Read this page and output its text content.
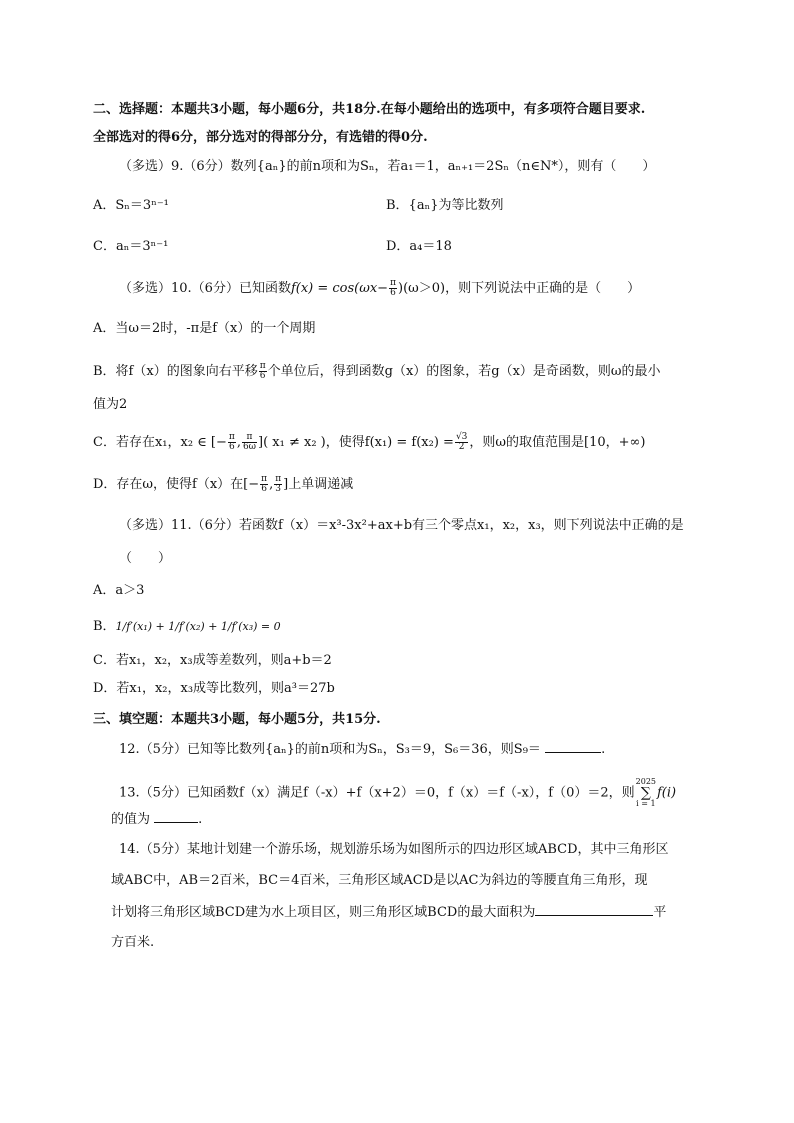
二、选择题：本题共3小题，每小题6分，共18分.在每小题给出的选项中，有多项符合题目要求.
全部选对的得6分，部分选对的得部分分，有选错的得0分.
（多选）9.（6分）数列{aₙ}的前n项和为Sₙ，若a₁＝1，aₙ₊₁＝2Sₙ（n∈N*），则有（　　）
A．Sₙ＝3ⁿ⁻¹	B．{aₙ}为等比数列
C．aₙ＝3ⁿ⁻¹	D．a₄＝18
（多选）10.（6分）已知函数$f(x) = \cos(\omega x- \frac{\pi}{6} )(\omega>0)$，则下列说法中正确的是（　　）
A．当ω＝2时，-π是f（x）的一个周期
B．将f（x）的图象向右平移 $\frac{\pi}{6}$ 个单位后，得到函数g（x）的图象，若g（x）是奇函数，则ω的最小
值为2
C．若存在x₁，x₂ ∈ [− $\frac{\pi}{6}$ , $\frac{\pi}{6\omega}$ ]( x₁ ≠ x₂ )，使得$f(x_1) = f(x_2) = \frac{√3}{2}$ ，则ω的取值范围是[10，+∞)
D．存在ω，使得f（x）在[− $\frac{\pi}{6}$ , $\frac{\pi}{3}$ ]上单调递减
（多选）11.（6分）若函数f（x）＝x³-3x²+ax+b有三个零点x₁，x₂，x₃，则下列说法中正确的是
（　　）
A．a＞3
B．1/f′(x₁) + 1/f′(x₂) + 1/f′(x₃) = 0
C．若x₁，x₂，x₃成等差数列，则a+b＝2
D．若x₁，x₂，x₃成等比数列，则a³＝27b
三、填空题：本题共3小题，每小题5分，共15分.
12.（5分）已知等比数列{aₙ}的前n项和为Sₙ，S₃＝9，S₆＝36，则S₉＝	.
13.（5分）已知函数f（x）满足f（-x）+f（x+2）＝0，f（x）＝f（-x），f（0）＝2，则2025
∑
i = 1f(i)
的值为	.
14.（5分）某地计划建一个游乐场，规划游乐场为如图所示的四边形区域ABCD，其中三角形区
域ABC中，AB＝2百米，BC＝4百米，三角形区域ACD是以AC为斜边的等腰直角三角形，现
计划将三角形区域BCD建为水上项目区，则三角形区域BCD的最大面积为	平
方百米.
